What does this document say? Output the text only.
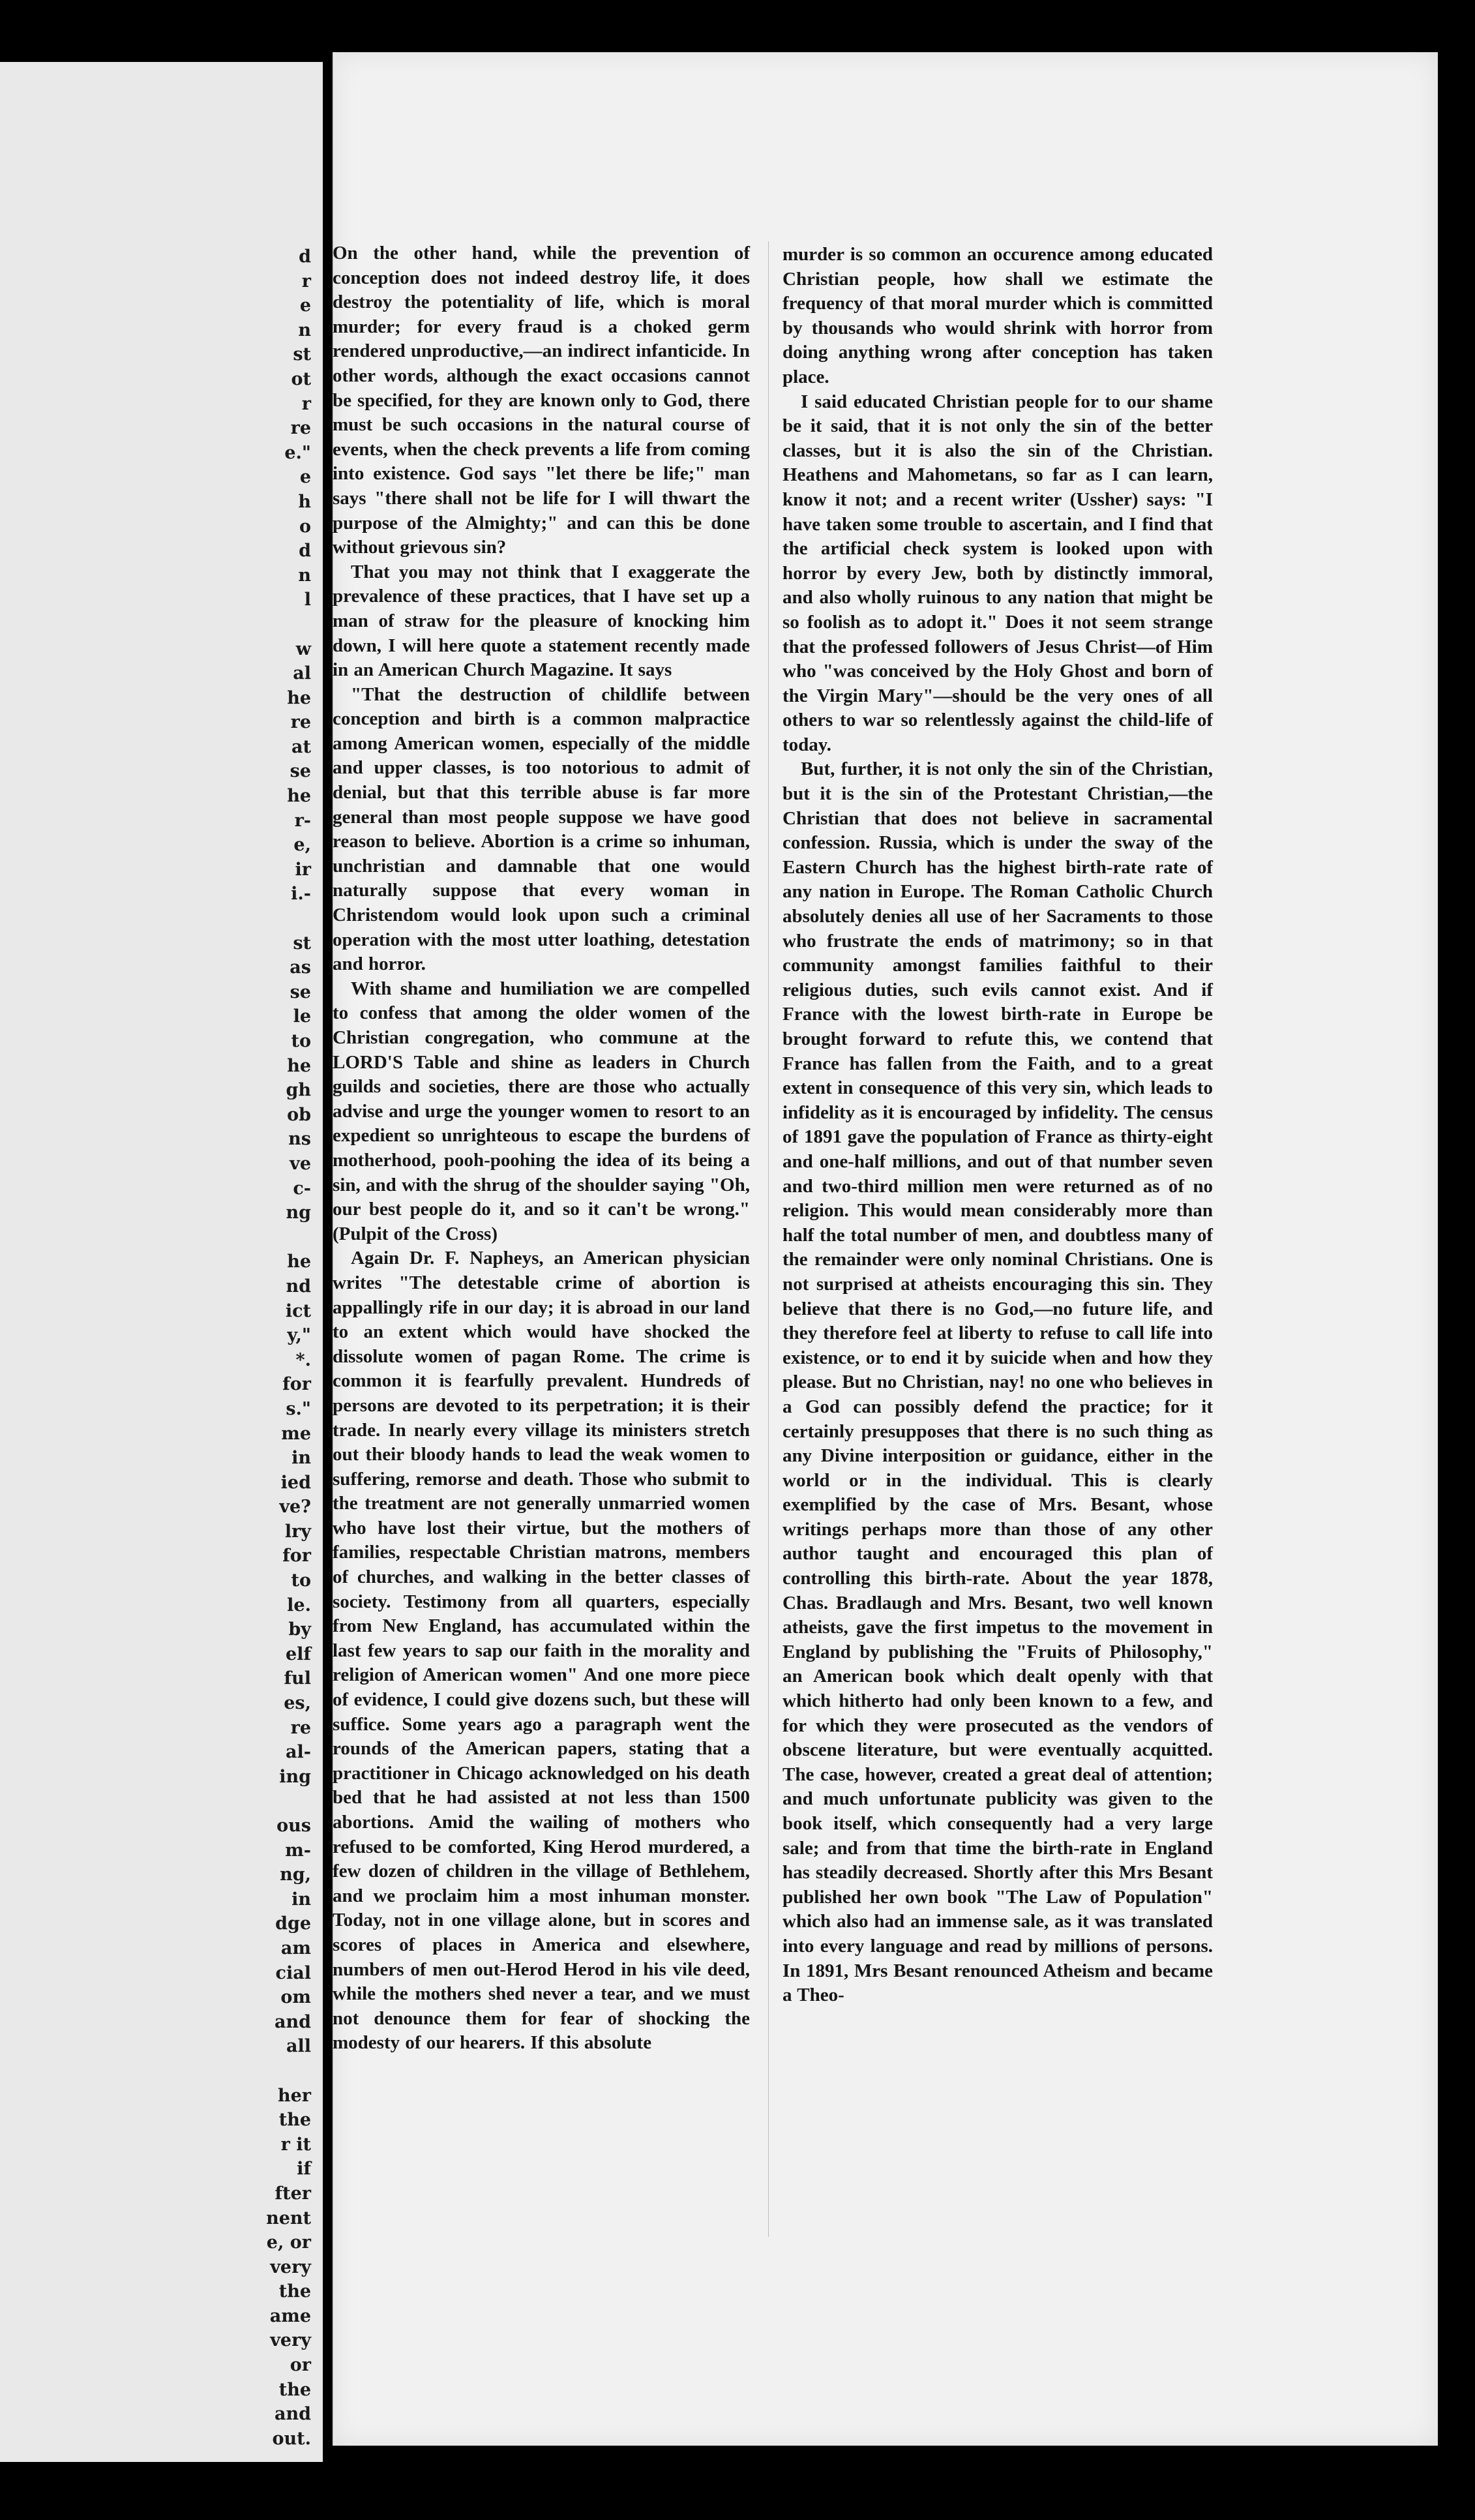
d
r
e
n
st
ot
r
re
e."
e
h
o
d
n
l

w
al
he
re
at
se
he
r-
e,
ir
i.-

st
as
se
le
to
he
gh
ob
ns
ve
c-
ng

he
nd
ict
y,"
*.
for
s."
me
in
ied
ve?
lry
for
to
le.
by
elf
ful
es,
re
al-
ing

ous
m-
ng,
in
dge
am
cial
om
and
all

her
the
r it
if
fter
nent
e, or
very
the
ame
very
or
the
and
out.

On the other hand, while the prevention of conception does not indeed destroy life, it does destroy the potentiality of life, which is moral murder; for every fraud is a choked germ rendered unproductive,—an indirect infanticide. In other words, although the exact occasions cannot be specified, for they are known only to God, there must be such occasions in the natural course of events, when the check prevents a life from coming into existence. God says "let there be life;" man says "there shall not be life for I will thwart the purpose of the Almighty;" and can this be done without grievous sin?

That you may not think that I exaggerate the prevalence of these practices, that I have set up a man of straw for the pleasure of knocking him down, I will here quote a statement recently made in an American Church Magazine. It says

"That the destruction of childlife between conception and birth is a common malpractice among American women, especially of the middle and upper classes, is too notorious to admit of denial, but that this terrible abuse is far more general than most people suppose we have good reason to believe. Abortion is a crime so inhuman, unchristian and damnable that one would naturally suppose that every woman in Christendom would look upon such a criminal operation with the most utter loathing, detestation and horror.

With shame and humiliation we are compelled to confess that among the older women of the Christian congregation, who commune at the LORD'S Table and shine as leaders in Church guilds and societies, there are those who actually advise and urge the younger women to resort to an expedient so unrighteous to escape the burdens of motherhood, pooh-poohing the idea of its being a sin, and with the shrug of the shoulder saying "Oh, our best people do it, and so it can't be wrong." (Pulpit of the Cross)

Again Dr. F. Napheys, an American physician writes "The detestable crime of abortion is appallingly rife in our day; it is abroad in our land to an extent which would have shocked the dissolute women of pagan Rome. The crime is common it is fearfully prevalent. Hundreds of persons are devoted to its perpetration; it is their trade. In nearly every village its ministers stretch out their bloody hands to lead the weak women to suffering, remorse and death. Those who submit to the treatment are not generally unmarried women who have lost their virtue, but the mothers of families, respectable Christian matrons, members of churches, and walking in the better classes of society. Testimony from all quarters, especially from New England, has accumulated within the last few years to sap our faith in the morality and religion of American women" And one more piece of evidence, I could give dozens such, but these will suffice. Some years ago a paragraph went the rounds of the American papers, stating that a practitioner in Chicago acknowledged on his death bed that he had assisted at not less than 1500 abortions. Amid the wailing of mothers who refused to be comforted, King Herod murdered, a few dozen of children in the village of Bethlehem, and we proclaim him a most inhuman monster. Today, not in one village alone, but in scores and scores of places in America and elsewhere, numbers of men out-Herod Herod in his vile deed, while the mothers shed never a tear, and we must not denounce them for fear of shocking the modesty of our hearers. If this absolute

murder is so common an occurence among educated Christian people, how shall we estimate the frequency of that moral murder which is committed by thousands who would shrink with horror from doing anything wrong after conception has taken place.

I said educated Christian people for to our shame be it said, that it is not only the sin of the better classes, but it is also the sin of the Christian. Heathens and Mahometans, so far as I can learn, know it not; and a recent writer (Ussher) says: "I have taken some trouble to ascertain, and I find that the artificial check system is looked upon with horror by every Jew, both by distinctly immoral, and also wholly ruinous to any nation that might be so foolish as to adopt it." Does it not seem strange that the professed followers of Jesus Christ—of Him who "was conceived by the Holy Ghost and born of the Virgin Mary"—should be the very ones of all others to war so relentlessly against the child-life of today.

But, further, it is not only the sin of the Christian, but it is the sin of the Protestant Christian,—the Christian that does not believe in sacramental confession. Russia, which is under the sway of the Eastern Church has the highest birth-rate rate of any nation in Europe. The Roman Catholic Church absolutely denies all use of her Sacraments to those who frustrate the ends of matrimony; so in that community amongst families faithful to their religious duties, such evils cannot exist. And if France with the lowest birth-rate in Europe be brought forward to refute this, we contend that France has fallen from the Faith, and to a great extent in consequence of this very sin, which leads to infidelity as it is encouraged by infidelity. The census of 1891 gave the population of France as thirty-eight and one-half millions, and out of that number seven and two-third million men were returned as of no religion. This would mean considerably more than half the total number of men, and doubtless many of the remainder were only nominal Christians. One is not surprised at atheists encouraging this sin. They believe that there is no God,—no future life, and they therefore feel at liberty to refuse to call life into existence, or to end it by suicide when and how they please. But no Christian, nay! no one who believes in a God can possibly defend the practice; for it certainly presupposes that there is no such thing as any Divine interposition or guidance, either in the world or in the individual. This is clearly exemplified by the case of Mrs. Besant, whose writings perhaps more than those of any other author taught and encouraged this plan of controlling this birth-rate. About the year 1878, Chas. Bradlaugh and Mrs. Besant, two well known atheists, gave the first impetus to the movement in England by publishing the "Fruits of Philosophy," an American book which dealt openly with that which hitherto had only been known to a few, and for which they were prosecuted as the vendors of obscene literature, but were eventually acquitted. The case, however, created a great deal of attention; and much unfortunate publicity was given to the book itself, which consequently had a very large sale; and from that time the birth-rate in England has steadily decreased. Shortly after this Mrs Besant published her own book "The Law of Population" which also had an immense sale, as it was translated into every language and read by millions of persons. In 1891, Mrs Besant renounced Atheism and became a Theo-
